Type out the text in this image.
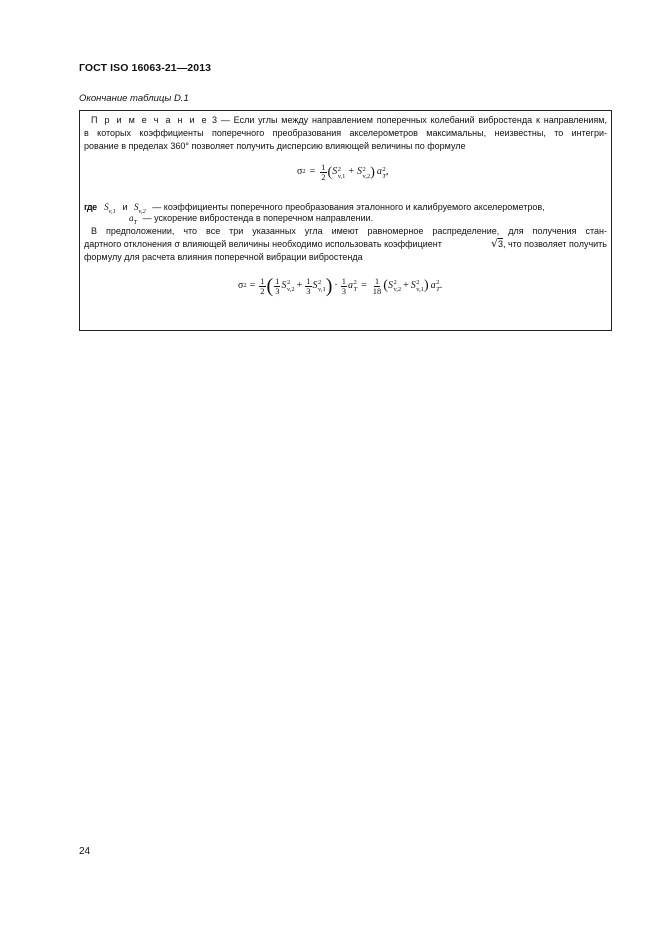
ГОСТ ISO 16063-21—2013
Окончание таблицы D.1
П р и м е ч а н и е 3 — Если углы между направлением поперечных колебаний вибростенда к направлениям,
в которых коэффициенты поперечного преобразования акселерометров максимальны, неизвестны, то интегри-
рование в пределах 360° позволяет получить дисперсию влияющей величины по формуле
σ $2 = \frac{1}{2}$ ( S 2
v,1 + S 2
v,2 ) a 2
T ,
где $S_{v,1}$ и $S_{v,2}$ — коэффициенты поперечного преобразования эталонного и калибруемого акселерометров,
$a_T$ — ускорение вибростенда в поперечном направлении.
В предположении, что все три указанных угла имеют равномерное распределение, для получения стан-
дартного отклонения σ влияющей величины необходимо использовать коэффициент	√3, что позволяет получить
формулу для расчета влияния поперечной вибрации вибростенда
σ $2 = \frac{1}{2}$ ( $\frac{1}{3}$ S 2
$v,2 + \frac{1}{3}$ S 2
v,1 ) · $\frac{1}{3}$ a 2
$T = \frac{1}{18}$ ( S 2
v,2 + S 2
v,1 ) a 2
T .
24
